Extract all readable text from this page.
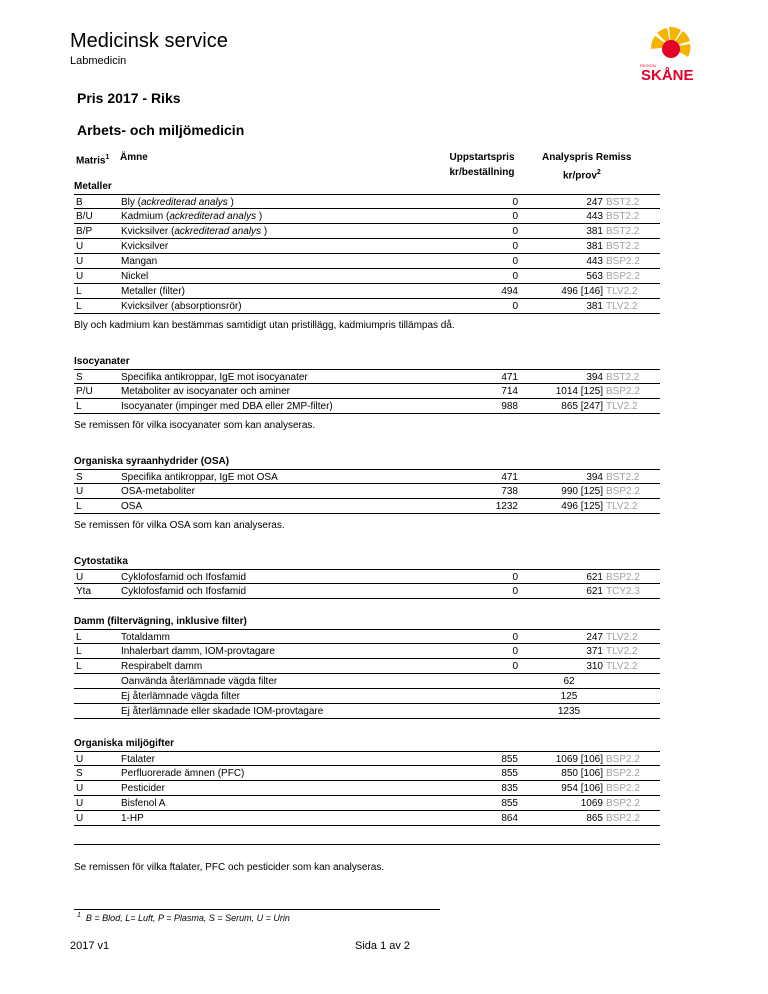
Medicinsk service
Labmedicin	REGION
SKÅNE
Pris 2017 - Riks
Arbets- och miljömedicin
Matris$^1$ Ämne	Uppstartspris
kr/beställning
Analyspris Remiss
kr/prov$^2$
Metaller
B	Bly (ackrediterad analys )	0	247 BST2.2
B/U	Kadmium (ackrediterad analys )	0	443 BST2.2
B/P	Kvicksilver (ackrediterad analys )	0	381 BST2.2
U	Kvicksilver	0	381 BST2.2
U	Mangan	0	443 BSP2.2
U	Nickel	0	563 BSP2.2
L	Metaller (filter)	494	496 [146] TLV2.2
L	Kvicksilver (absorptionsrör)	0	381 TLV2.2
Bly och kadmium kan bestämmas samtidigt utan pristillägg, kadmiumpris tillämpas då.
Isocyanater
S	Specifika antikroppar, IgE mot isocyanater	471	394 BST2.2
P/U	Metaboliter av isocyanater och aminer	714	1014 [125] BSP2.2
L	Isocyanater (impinger med DBA eller 2MP-filter)	988	865 [247] TLV2.2
Se remissen för vilka isocyanater som kan analyseras.
Organiska syraanhydrider (OSA)
S	Specifika antikroppar, IgE mot OSA	471	394 BST2.2
U	OSA-metaboliter	738	990 [125] BSP2.2
L	OSA	1232	496 [125] TLV2.2
Se remissen för vilka OSA som kan analyseras.
Cytostatika
U	Cyklofosfamid och Ifosfamid	0	621 BSP2.2
Yta	Cyklofosfamid och Ifosfamid	0	621 TCY2.3
Damm (filtervägning, inklusive filter)
L	Totaldamm	0	247 TLV2.2
L	Inhalerbart damm, IOM-provtagare	0	371 TLV2.2
L	Respirabelt damm	0	310 TLV2.2
Oanvända återlämnade vägda filter	62
Ej återlämnade vägda filter	125
Ej återlämnade eller skadade IOM-provtagare	1235
Organiska miljögifter
U	Ftalater	855	1069 [106] BSP2.2
S	Perfluorerade ämnen (PFC)	855	850 [106] BSP2.2
U	Pesticider	835	954 [106] BSP2.2
U	Bisfenol A	855	1069 BSP2.2
U	1-HP	864	865 BSP2.2
Se remissen för vilka ftalater, PFC och pesticider som kan analyseras.
$^1$ B = Blod, L= Luft, P = Plasma, S = Serum, U = Urin
2017 v1	Sida 1 av 2
